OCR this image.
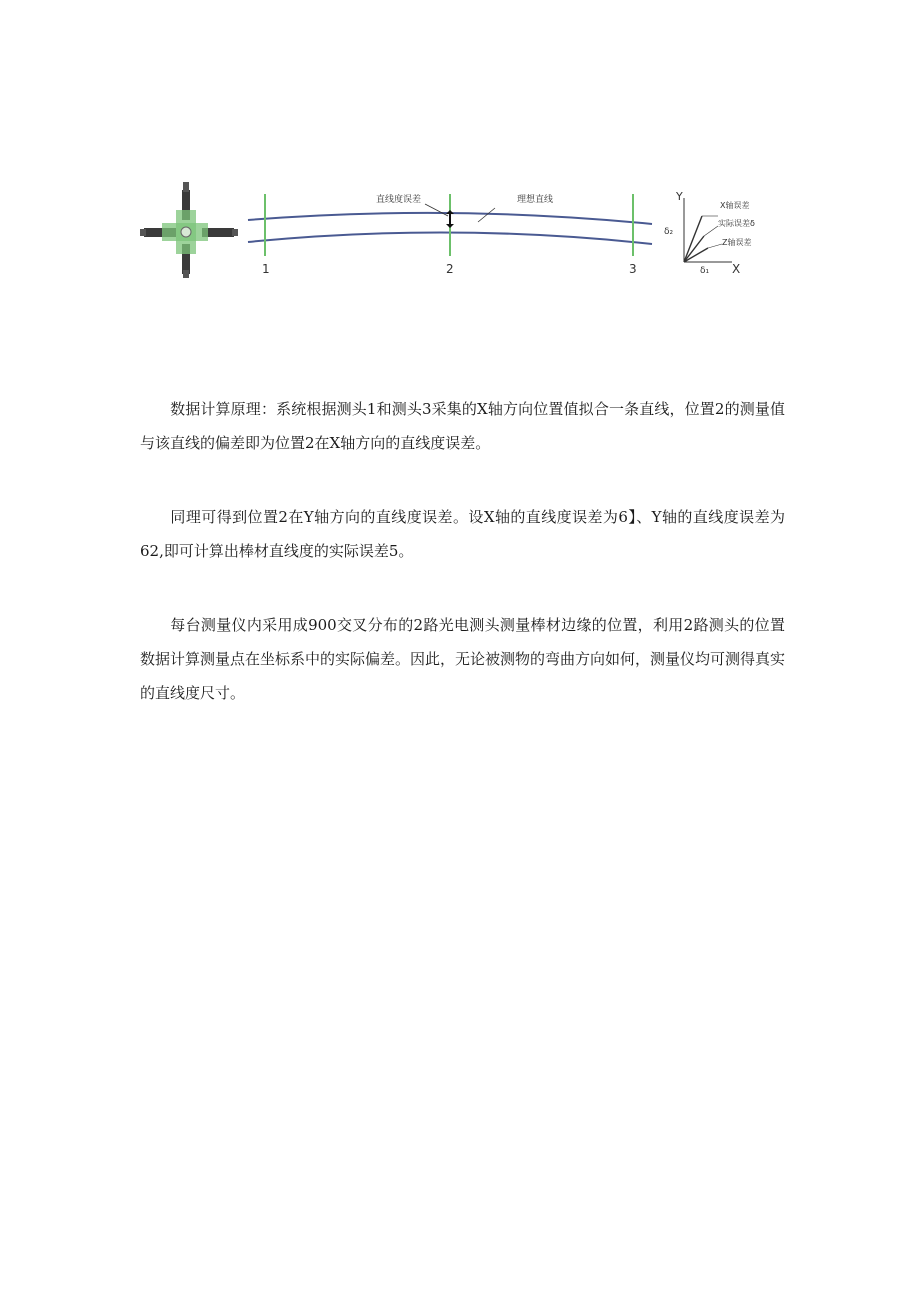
直线度误差	理想直线
1	2	3
Y
X
X轴误差
实际误差δ
Z轴误差
δ₂
δ₁

数据计算原理：系统根据测头1和测头3采集的X轴方向位置值拟合一条直线，位置2的测量值与该直线的偏差即为位置2在X轴方向的直线度误差。

同理可得到位置2在Y轴方向的直线度误差。设X轴的直线度误差为6】、Y轴的直线度误差为62,即可计算出棒材直线度的实际误差5。

每台测量仪内采用成900交叉分布的2路光电测头测量棒材边缘的位置，利用2路测头的位置数据计算测量点在坐标系中的实际偏差。因此，无论被测物的弯曲方向如何，测量仪均可测得真实的直线度尺寸。
